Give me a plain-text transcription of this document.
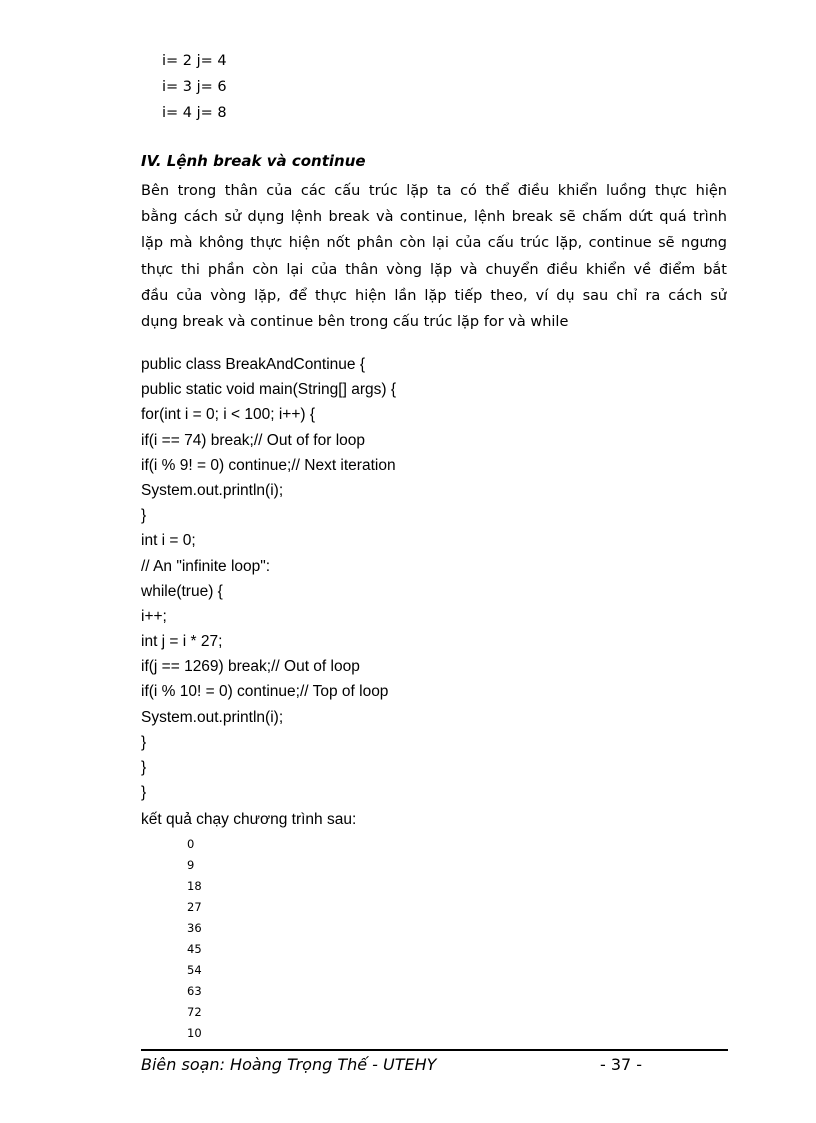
i= 2 j= 4
i= 3 j= 6
i= 4 j= 8
IV. Lệnh break và continue

Bên trong thân của các cấu trúc lặp ta có thể điều khiển luồng thực hiện
bằng cách sử dụng lệnh break và continue, lệnh break sẽ chấm dứt quá trình
lặp mà không thực hiện nốt phân còn lại của cấu trúc lặp, continue sẽ ngưng
thực thi phần còn lại của thân vòng lặp và chuyển điều khiển về điểm bắt
đầu của vòng lặp, để thực hiện lần lặp tiếp theo, ví dụ sau chỉ ra cách sử
dụng break và continue bên trong cấu trúc lặp for và while

public class BreakAndContinue {
public static void main(String[] args) {
for(int i = 0; i < 100; i++) {
if(i == 74) break;// Out of for loop
if(i % 9! = 0) continue;// Next iteration
System.out.println(i);
}
int i = 0;
// An "infinite loop":
while(true) {
i++;
int j = i * 27;
if(j == 1269) break;// Out of loop
if(i % 10! = 0) continue;// Top of loop
System.out.println(i);
}
}
}

kết quả chạy chương trình sau:

0
9
18
27
36
45
54
63
72
10

Biên soạn: Hoàng Trọng Thế - UTEHY	- 37 -
